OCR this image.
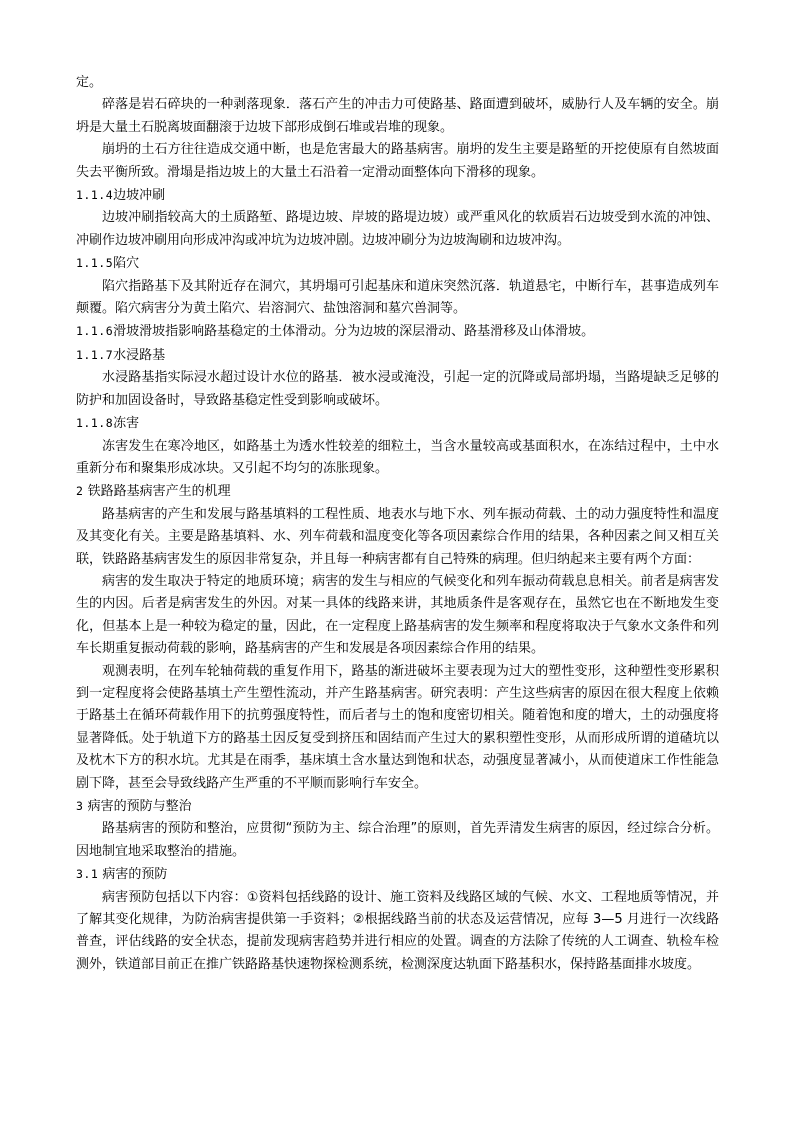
定。

碎落是岩石碎块的一种剥落现象．落石产生的冲击力可使路基、路面遭到破坏，威胁行人及车辆的安全。崩坍是大量土石脱离坡面翻滚于边坡下部形成倒石堆或岩堆的现象。

崩坍的土石方往往造成交通中断，也是危害最大的路基病害。崩坍的发生主要是路堑的开挖使原有自然坡面失去平衡所致。滑塌是指边坡上的大量土石沿着一定滑动面整体向下滑移的现象。

1.1.4边坡冲刷

边坡冲刷指较高大的土质路堑、路堤边坡、岸坡的路堤边坡）或严重风化的软质岩石边坡受到水流的冲蚀、冲刷作边坡冲刷用向形成冲沟或冲坑为边坡冲剧。边坡冲刷分为边坡淘刷和边坡冲沟。

1.1.5陷穴

陷穴指路基下及其附近存在洞穴，其坍塌可引起基床和道床突然沉落．轨道悬宅，中断行车，甚事造成列车颠覆。陷穴病害分为黄土陷穴、岩溶洞穴、盐蚀溶洞和墓穴兽洞等。

1.1.6滑坡滑坡指影响路基稳定的土体滑动。分为边坡的深层滑动、路基滑移及山体滑坡。

1.1.7水浸路基

水浸路基指实际浸水超过设计水位的路基．被水浸或淹没，引起一定的沉降或局部坍塌，当路堤缺乏足够的防护和加固设备时，导致路基稳定性受到影响或破坏。

1.1.8冻害

冻害发生在寒冷地区，如路基土为透水性较差的细粒土，当含水量较高或基面积水，在冻结过程中，土中水重新分布和聚集形成冰块。又引起不均匀的冻胀现象。

2 铁路路基病害产生的机理

路基病害的产生和发展与路基填料的工程性质、地表水与地下水、列车振动荷载、土的动力强度特性和温度及其变化有关。主要是路基填料、水、列车荷载和温度变化等各项因素综合作用的结果，各种因素之间又相互关联，铁路路基病害发生的原因非常复杂，并且每一种病害都有自己特殊的病理。但归纳起来主要有两个方面：

病害的发生取决于特定的地质环境；病害的发生与相应的气候变化和列车振动荷载息息相关。前者是病害发生的内因。后者是病害发生的外因。对某一具体的线路来讲，其地质条件是客观存在，虽然它也在不断地发生变化，但基本上是一种较为稳定的量，因此，在一定程度上路基病害的发生频率和程度将取决于气象水文条件和列车长期重复振动荷载的影响，路基病害的产生和发展是各项因素综合作用的结果。

观测表明，在列车轮轴荷载的重复作用下，路基的渐进破坏主要表现为过大的塑性变形，这种塑性变形累积到一定程度将会使路基填土产生塑性流动，并产生路基病害。研究表明：产生这些病害的原因在很大程度上依赖于路基土在循环荷载作用下的抗剪强度特性，而后者与土的饱和度密切相关。随着饱和度的增大，土的动强度将显著降低。处于轨道下方的路基土因反复受到挤压和固结而产生过大的累积塑性变形，从而形成所谓的道碴坑以及枕木下方的积水坑。尤其是在雨季，基床填土含水量达到饱和状态，动强度显著减小，从而使道床工作性能急剧下降，甚至会导致线路产生严重的不平顺而影响行车安全。

3 病害的预防与整治

路基病害的预防和整治，应贯彻“预防为主、综合治理”的原则，首先弄清发生病害的原因，经过综合分析。因地制宜地采取整治的措施。

3.1 病害的预防

病害预防包括以下内容：①资料包括线路的设计、施工资料及线路区域的气候、水文、工程地质等情况，并了解其变化规律，为防治病害提供第一手资料；②根据线路当前的状态及运营情况，应每 3—5 月进行一次线路普查，评估线路的安全状态，提前发现病害趋势并进行相应的处置。调查的方法除了传统的人工调查、轨检车检测外，铁道部目前正在推广铁路路基快速物探检测系统，检测深度达轨面下路基积水，保持路基面排水坡度。
